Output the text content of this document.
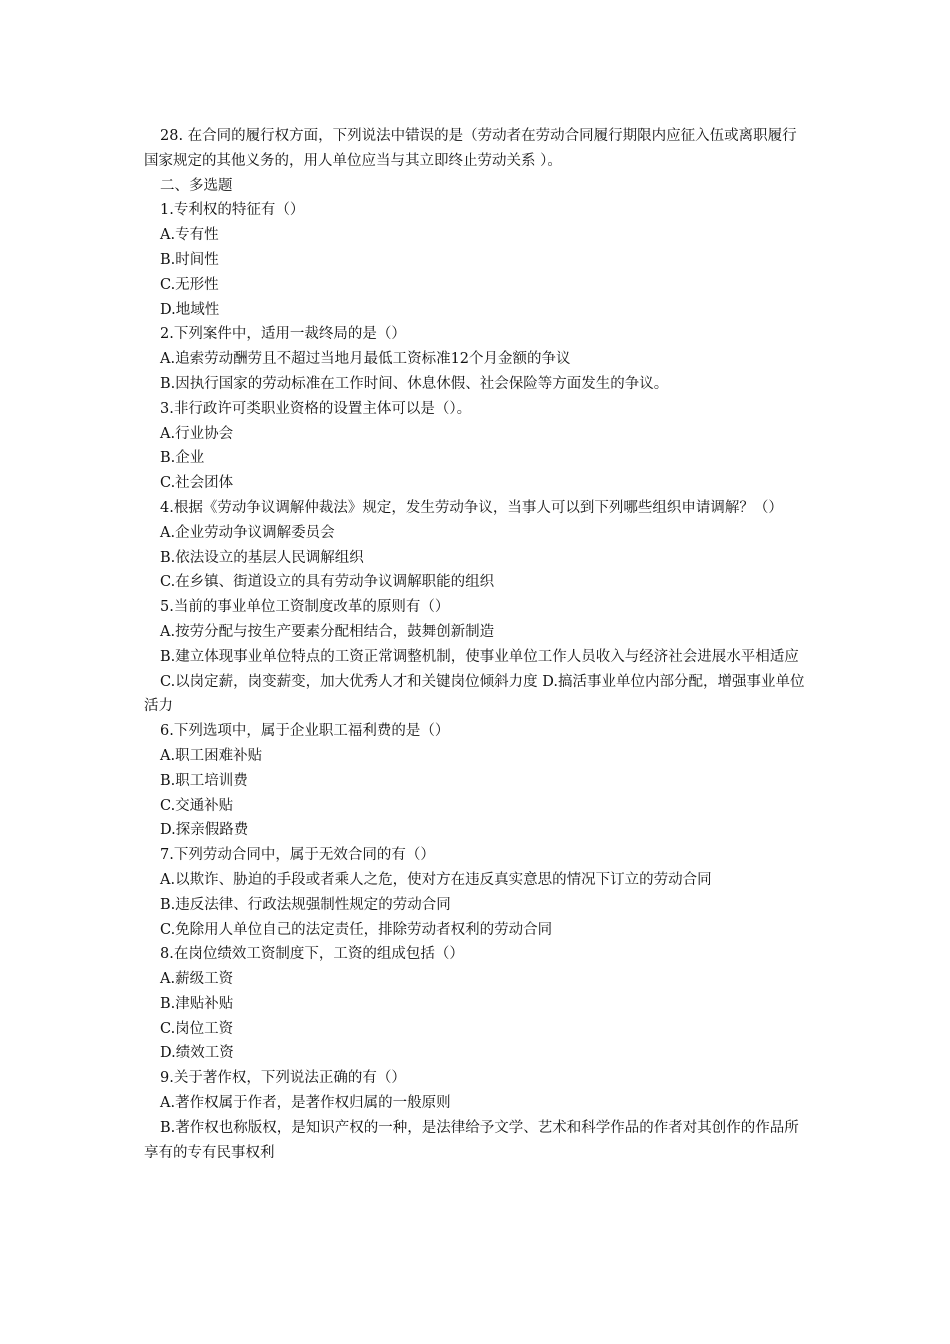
28. 在合同的履行权方面，下列说法中错误的是（劳动者在劳动合同履行期限内应征入伍或离职履行国家规定的其他义务的，用人单位应当与其立即终止劳动关系 ）。
二、多选题
1.专利权的特征有（）
A.专有性
B.时间性
C.无形性
D.地域性
2.下列案件中，适用一裁终局的是（）
A.追索劳动酬劳且不超过当地月最低工资标准12个月金额的争议
B.因执行国家的劳动标准在工作时间、休息休假、社会保险等方面发生的争议。
3.非行政许可类职业资格的设置主体可以是（）。
A.行业协会
B.企业
C.社会团体
4.根据《劳动争议调解仲裁法》规定，发生劳动争议，当事人可以到下列哪些组织申请调解？（）
A.企业劳动争议调解委员会
B.依法设立的基层人民调解组织
C.在乡镇、街道设立的具有劳动争议调解职能的组织
5.当前的事业单位工资制度改革的原则有（）
A.按劳分配与按生产要素分配相结合，鼓舞创新制造
B.建立体现事业单位特点的工资正常调整机制，使事业单位工作人员收入与经济社会进展水平相适应
C.以岗定薪，岗变薪变，加大优秀人才和关键岗位倾斜力度 D.搞活事业单位内部分配，增强事业单位活力
6.下列选项中，属于企业职工福利费的是（）
A.职工困难补贴
B.职工培训费
C.交通补贴
D.探亲假路费
7.下列劳动合同中，属于无效合同的有（）
A.以欺诈、胁迫的手段或者乘人之危，使对方在违反真实意思的情况下订立的劳动合同
B.违反法律、行政法规强制性规定的劳动合同
C.免除用人单位自己的法定责任，排除劳动者权利的劳动合同
8.在岗位绩效工资制度下，工资的组成包括（）
A.薪级工资
B.津贴补贴
C.岗位工资
D.绩效工资
9.关于著作权，下列说法正确的有（）
A.著作权属于作者，是著作权归属的一般原则
B.著作权也称版权，是知识产权的一种，是法律给予文学、艺术和科学作品的作者对其创作的作品所享有的专有民事权利
